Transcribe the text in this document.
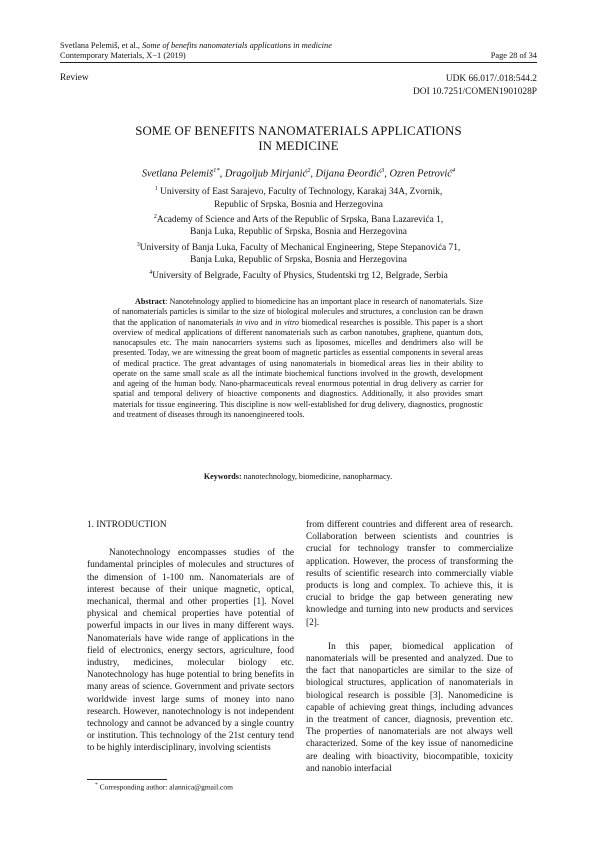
Svetlana Pelemiš, et al., Some of benefits nanomaterials applications in medicine
Contemporary Materials, X−1 (2019)	Page 28 of 34
Review	UDK 66.017/.018:544.2
DOI 10.7251/COMEN1901028P
SOME OF BENEFITS NANOMATERIALS APPLICATIONS
IN MEDICINE
Svetlana Pelemiš$^{1*}$, Dragoljub Mirjanić$^2$, Dijana Đeorđić$^3$, Ozren Petrović$^4$
$^1$ University of East Sarajevo, Faculty of Technology, Karakaj 34A, Zvornik,
Republic of Srpska, Bosnia and Herzegovina
$^2$Academy of Science and Arts of the Republic of Srpska, Bana Lazarevića 1,
Banja Luka, Republic of Srpska, Bosnia and Herzegovina
$^3$University of Banja Luka, Faculty of Mechanical Engineering, Stepe Stepanovića 71,
Banja Luka, Republic of Srpska, Bosnia and Herzegovina
$^4$University of Belgrade, Faculty of Physics, Studentski trg 12, Belgrade, Serbia
Abstract: Nanotehnology applied to biomedicine has an important place in research of nanomaterials. Size of nanomaterials particles is similar to the size of biological molecules and structures, a conclusion can be drawn that the application of nanomaterials in vivo and in vitro biomedical researches is possible. This paper is a short overview of medical applications of different nanomaterials such as carbon nanotubes, graphene, quantum dots, nanocapsules etc. The main nanocarriers systems such as liposomes, micelles and dendrimers also will be presented. Today, we are witnessing the great boom of magnetic particles as essential components in several areas of medical practice. The great advantages of using nanomaterials in biomedical areas lies in their ability to operate on the same small scale as all the intimate biochemical functions involved in the growth, development and ageing of the human body. Nano-pharmaceuticals reveal enormous potential in drug delivery as carrier for spatial and temporal delivery of bioactive components and diagnostics. Additionally, it also provides smart materials for tissue engineering. This discipline is now well-established for drug delivery, diagnostics, prognostic and treatment of diseases through its nanoengineered tools.
Keywords: nanotechnology, biomedicine, nanopharmacy.
1. INTRODUCTION

Nanotechnology encompasses studies of the fundamental principles of molecules and structures of the dimension of 1-100 nm. Nanomaterials are of interest because of their unique magnetic, optical, mechanical, thermal and other properties [1]. Novel physical and chemical properties have potential of powerful impacts in our lives in many different ways. Nanomaterials have wide range of applications in the field of electronics, energy sectors, agriculture, food industry, medicines, molecular biology etc. Nanotechnology has huge potential to bring benefits in many areas of science. Government and private sectors worldwide invest large sums of money into nano research. However, nanotechnology is not independent technology and cannot be advanced by a single country or institution. This technology of the 21st century tend to be highly interdisciplinary, involving scientists

from different countries and different area of research. Collaboration between scientists and countries is crucial for technology transfer to commercialize application. However, the process of transforming the results of scientific research into commercially viable products is long and complex. To achieve this, it is crucial to bridge the gap between generating new knowledge and turning into new products and services [2].

In this paper, biomedical application of nanomaterials will be presented and analyzed. Due to the fact that nanoparticles are similar to the size of biological structures, application of nanomaterials in biological research is possible [3]. Nanomedicine is capable of achieving great things, including advances in the treatment of cancer, diagnosis, prevention etc. The properties of nanomaterials are not always well characterized. Some of the key issue of nanomedicine are dealing with bioactivity, biocompatible, toxicity and nanobio interfacial

* Corresponding author: alannica@gmail.com
